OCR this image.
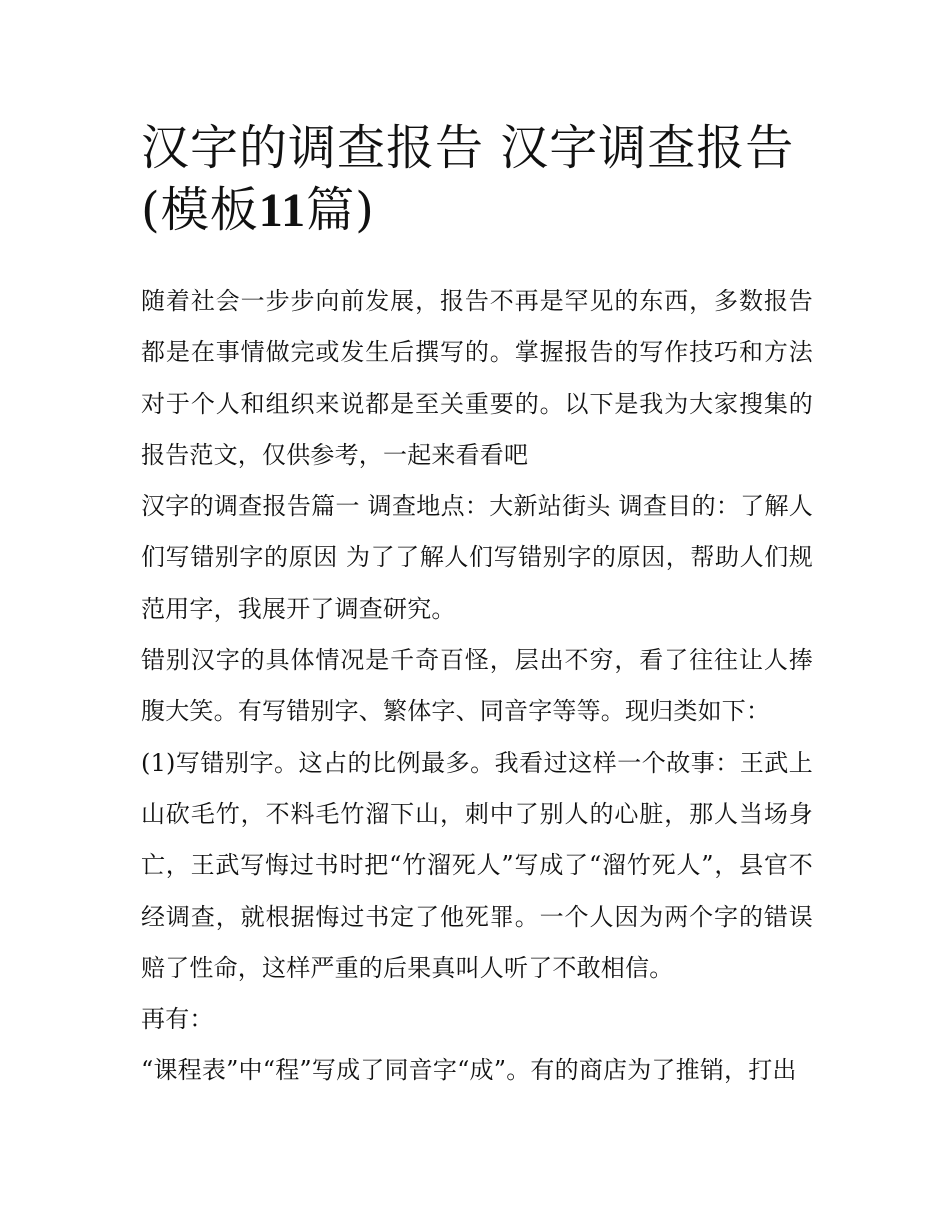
汉字的调查报告 汉字调查报告(模板11篇)

随着社会一步步向前发展，报告不再是罕见的东西，多数报告都是在事情做完或发生后撰写的。掌握报告的写作技巧和方法对于个人和组织来说都是至关重要的。以下是我为大家搜集的报告范文，仅供参考，一起来看看吧

汉字的调查报告篇一 调查地点：大新站街头 调查目的：了解人们写错别字的原因 为了了解人们写错别字的原因，帮助人们规范用字，我展开了调查研究。

错别汉字的具体情况是千奇百怪，层出不穷，看了往往让人捧腹大笑。有写错别字、繁体字、同音字等等。现归类如下：

(1)写错别字。这占的比例最多。我看过这样一个故事：王武上山砍毛竹，不料毛竹溜下山，刺中了别人的心脏，那人当场身亡，王武写悔过书时把“竹溜死人”写成了“溜竹死人”，县官不经调查，就根据悔过书定了他死罪。一个人因为两个字的错误赔了性命，这样严重的后果真叫人听了不敢相信。

再有：

“课程表”中“程”写成了同音字“成”。有的商店为了推销，打出
